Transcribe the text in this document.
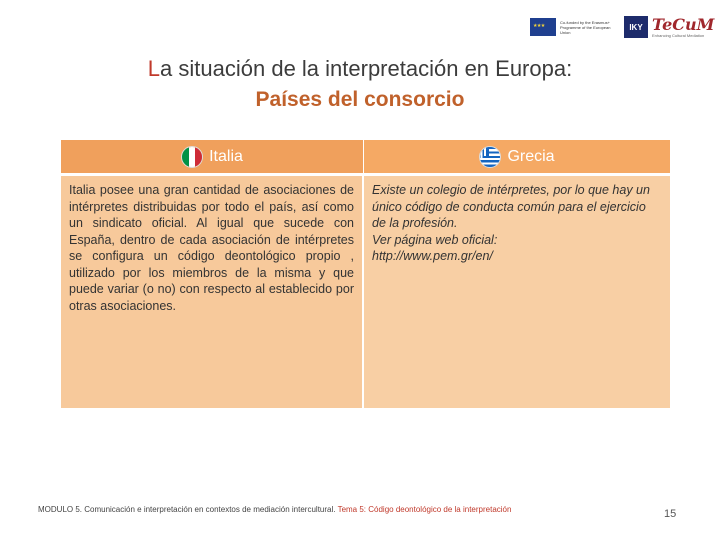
★ ★ ★
Co-funded by the Erasmus+ Programme of the European Union
IKY TeCuM
Enhancing Cultural Mediation
La situación de la interpretación en Europa:
Países del consorcio
Italia	Grecia

Italia posee una gran cantidad de asociaciones de intérpretes distribuidas por todo el país, así como un sindicato oficial. Al igual que sucede con España, dentro de cada asociación de intérpretes se configura un código deontológico propio , utilizado por los miembros de la misma y que puede variar (o no) con respecto al establecido por otras asociaciones.

Existe un colegio de intérpretes, por lo que hay un único código de conducta común para el ejercicio de la profesión.

Ver página web oficial:

http://www.pem.gr/en/

MODULO 5. Comunicación e interpretación en contextos de mediación intercultural. Tema 5: Código deontológico de la interpretación	15
